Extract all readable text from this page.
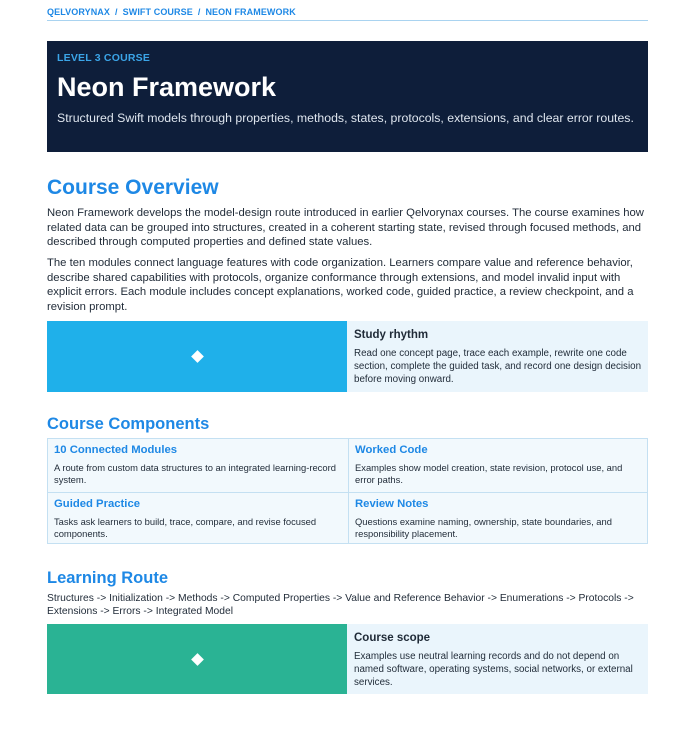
QELVORYNAX / SWIFT COURSE / NEON FRAMEWORK
LEVEL 3 COURSE
Neon Framework

Structured Swift models through properties, methods, states, protocols, extensions, and clear error routes.

Course Overview

Neon Framework develops the model-design route introduced in earlier Qelvorynax courses. The course examines how related data can be grouped into structures, created in a coherent starting state, revised through focused methods, and described through computed properties and defined state values.

The ten modules connect language features with code organization. Learners compare value and reference behavior, describe shared capabilities with protocols, organize conformance through extensions, and model invalid input with explicit errors. Each module includes concept explanations, worked code, guided practice, a review checkpoint, and a revision prompt.

Study rhythm
Read one concept page, trace each example, rewrite one code section, complete the guided task, and record one design decision before moving onward.
Course Components
10 Connected Modules
A route from custom data structures to an integrated learning-record system.
Worked Code
Examples show model creation, state revision, protocol use, and error paths.
Guided Practice
Tasks ask learners to build, trace, compare, and revise focused components.
Review Notes
Questions examine naming, ownership, state boundaries, and responsibility placement.
Learning Route

Structures -> Initialization -> Methods -> Computed Properties -> Value and Reference Behavior -> Enumerations -> Protocols -> Extensions -> Errors -> Integrated Model

Course scope
Examples use neutral learning records and do not depend on named software, operating systems, social networks, or external services.
